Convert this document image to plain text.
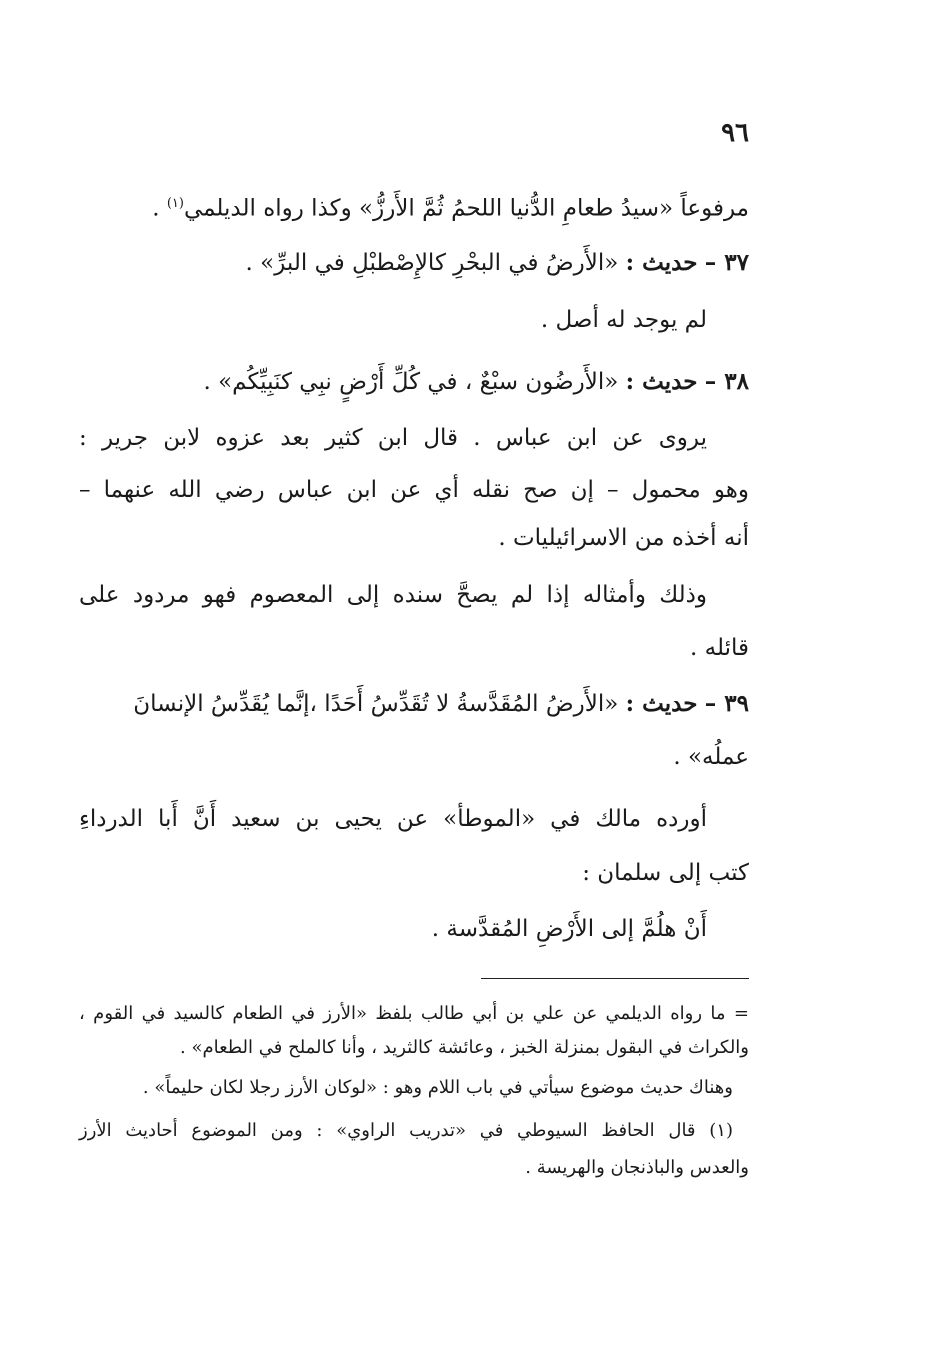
٩٦
مرفوعاً «سيدُ طعامِ الدُّنيا اللحمُ ثُمَّ الأَرزُّ» وكذا رواه الديلمي$^{(١)}$ .
٣٧ – حديث : «الأَرضُ في البحْرِ كالإِصْطبْلِ في البرِّ» .
لم يوجد له أصل .
٣٨ – حديث : «الأَرضُون سبْعٌ ، في كُلِّ أَرْضٍ نبِي كنَبِيِّكُم» .
يروى عن ابن عباس . قال ابن كثير بعد عزوه لابن جرير :
وهو محمول – إن صح نقله أي عن ابن عباس رضي الله عنهما –
أنه أخذه من الاسرائيليات .
وذلك وأمثاله إذا لم يصحَّ سنده إلى المعصوم فهو مردود على
قائله .
٣٩ – حديث : «الأَرضُ المُقَدَّسةُ لا تُقَدِّسُ أَحَدًا ،إنَّما يُقَدِّسُ الإنسانَ
عملُه» .
أورده مالك في «الموطأ» عن يحيى بن سعيد أَنَّ أَبا الدرداءِ
كتب إلى سلمان :
أَنْ هلُمَّ إلى الأَرْضِ المُقدَّسة .
= ما رواه الديلمي عن علي بن أبي طالب بلفظ «الأرز في الطعام كالسيد في القوم ،
والكراث في البقول بمنزلة الخبز ، وعائشة كالثريد ، وأنا كالملح في الطعام» .
وهناك حديث موضوع سيأتي في باب اللام وهو : «لوكان الأرز رجلا لكان حليماً» .
(١) قال الحافظ السيوطي في «تدريب الراوي» : ومن الموضوع أحاديث الأرز
والعدس والباذنجان والهريسة .
